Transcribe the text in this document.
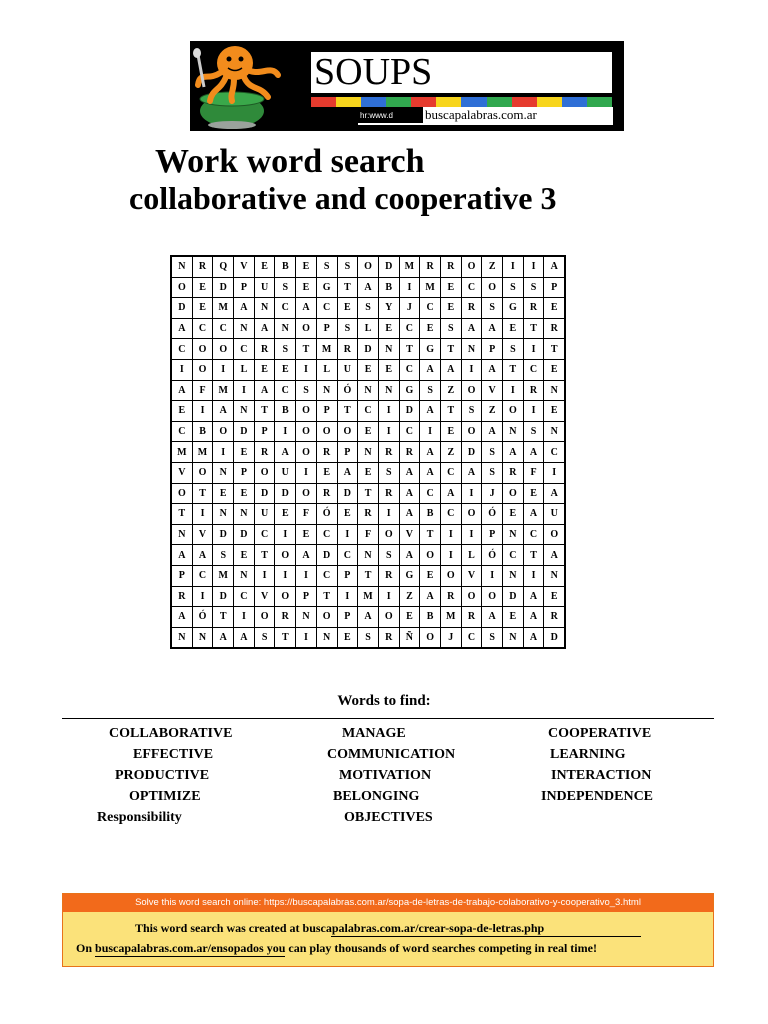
SOUPS
hr:www.d buscapalabras.com.ar
Work word search
collaborative and cooperative 3
N	R	Q	V	E	B	E	S	S	O	D	M	R	R	O	Z	I	I	A
O	E	D	P	U	S	E	G	T	A	B	I	M	E	C	O	S	S	P
D	E	M	A	N	C	A	C	E	S	Y	J	C	E	R	S	G	R	E
A	C	C	N	A	N	O	P	S	L	E	C	E	S	A	A	E	T	R
C	O	O	C	R	S	T	M	R	D	N	T	G	T	N	P	S	I	T
I	O	I	L	E	E	I	L	U	E	E	C	A	A	I	A	T	C	E
A	F	M	I	A	C	S	N	Ó	N	N	G	S	Z	O	V	I	R	N
E	I	A	N	T	B	O	P	T	C	I	D	A	T	S	Z	O	I	E
C	B	O	D	P	I	O	O	O	E	I	C	I	E	O	A	N	S	N
M	M	I	E	R	A	O	R	P	N	R	R	A	Z	D	S	A	A	C
V	O	N	P	O	U	I	E	A	E	S	A	A	C	A	S	R	F	I
O	T	E	E	D	D	O	R	D	T	R	A	C	A	I	J	O	E	A
T	I	N	N	U	E	F	Ó	E	R	I	A	B	C	O	Ó	E	A	U
N	V	D	D	C	I	E	C	I	F	O	V	T	I	I	P	N	C	O
A	A	S	E	T	O	A	D	C	N	S	A	O	I	L	Ó	C	T	A
P	C	M	N	I	I	I	C	P	T	R	G	E	O	V	I	N	I	N
R	I	D	C	V	O	P	T	I	M	I	Z	A	R	O	O	D	A	E
A	Ó	T	I	O	R	N	O	P	A	O	E	B	M	R	A	E	A	R
N	N	A	A	S	T	I	N	E	S	R	Ñ	O	J	C	S	N	A	D
Words to find:
COLLABORATIVE	MANAGE	COOPERATIVE
EFFECTIVE	COMMUNICATION	LEARNING
PRODUCTIVE	MOTIVATION	INTERACTION
OPTIMIZE	BELONGING	INDEPENDENCE
Responsibility	OBJECTIVES
Solve this word search online: https://buscapalabras.com.ar/sopa-de-letras-de-trabajo-colaborativo-y-cooperativo_3.html
This word search was created at buscapalabras.com.ar/crear-sopa-de-letras.php
On buscapalabras.com.ar/ensopados you can play thousands of word searches competing in real time!
